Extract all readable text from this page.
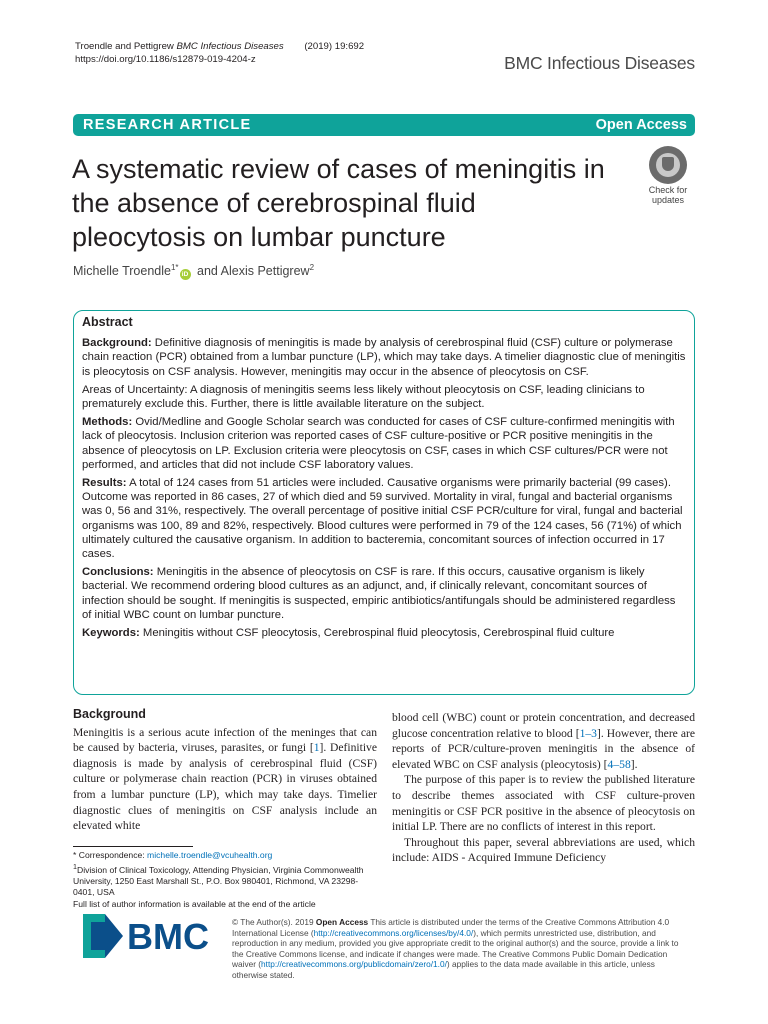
Troendle and Pettigrew BMC Infectious Diseases (2019) 19:692
https://doi.org/10.1186/s12879-019-4204-z	BMC Infectious Diseases
RESEARCH ARTICLE	Open Access
A systematic review of cases of meningitis in the absence of cerebrospinal fluid pleocytosis on lumbar puncture
Check for
updates
Michelle Troendle$^{1*}$iD and Alexis Pettigrew$^2$
Abstract

Background: Definitive diagnosis of meningitis is made by analysis of cerebrospinal fluid (CSF) culture or polymerase chain reaction (PCR) obtained from a lumbar puncture (LP), which may take days. A timelier diagnostic clue of meningitis is pleocytosis on CSF analysis. However, meningitis may occur in the absence of pleocytosis on CSF.

Areas of Uncertainty: A diagnosis of meningitis seems less likely without pleocytosis on CSF, leading clinicians to prematurely exclude this. Further, there is little available literature on the subject.

Methods: Ovid/Medline and Google Scholar search was conducted for cases of CSF culture-confirmed meningitis with lack of pleocytosis. Inclusion criterion was reported cases of CSF culture-positive or PCR positive meningitis in the absence of pleocytosis on LP. Exclusion criteria were pleocytosis on CSF, cases in which CSF cultures/PCR were not performed, and articles that did not include CSF laboratory values.

Results: A total of 124 cases from 51 articles were included. Causative organisms were primarily bacterial (99 cases). Outcome was reported in 86 cases, 27 of which died and 59 survived. Mortality in viral, fungal and bacterial organisms was 0, 56 and 31%, respectively. The overall percentage of positive initial CSF PCR/culture for viral, fungal and bacterial organisms was 100, 89 and 82%, respectively. Blood cultures were performed in 79 of the 124 cases, 56 (71%) of which ultimately cultured the causative organism. In addition to bacteremia, concomitant sources of infection occurred in 17 cases.

Conclusions: Meningitis in the absence of pleocytosis on CSF is rare. If this occurs, causative organism is likely bacterial. We recommend ordering blood cultures as an adjunct, and, if clinically relevant, concomitant sources of infection should be sought. If meningitis is suspected, empiric antibiotics/antifungals should be administered regardless of initial WBC count on lumbar puncture.

Keywords: Meningitis without CSF pleocytosis, Cerebrospinal fluid pleocytosis, Cerebrospinal fluid culture

Background

Meningitis is a serious acute infection of the meninges that can be caused by bacteria, viruses, parasites, or fungi [1]. Definitive diagnosis is made by analysis of cerebrospinal fluid (CSF) culture or polymerase chain reaction (PCR) in viruses obtained from a lumbar puncture (LP), which may take days. Timelier diagnostic clues of meningitis on CSF analysis include an elevated white

blood cell (WBC) count or protein concentration, and decreased glucose concentration relative to blood [1–3]. However, there are reports of PCR/culture-proven meningitis in the absence of elevated WBC on CSF analysis (pleocytosis) [4–58].

The purpose of this paper is to review the published literature to describe themes associated with CSF culture-proven meningitis or CSF PCR positive in the absence of pleocytosis on initial LP. There are no conflicts of interest in this report.

Throughout this paper, several abbreviations are used, which include: AIDS - Acquired Immune Deficiency

* Correspondence: michelle.troendle@vcuhealth.org
$^1$Division of Clinical Toxicology, Attending Physician, Virginia Commonwealth University, 1250 East Marshall St., P.O. Box 980401, Richmond, VA 23298-0401, USA
Full list of author information is available at the end of the article
BMC	© The Author(s). 2019 Open Access This article is distributed under the terms of the Creative Commons Attribution 4.0 International License (http://creativecommons.org/licenses/by/4.0/), which permits unrestricted use, distribution, and reproduction in any medium, provided you give appropriate credit to the original author(s) and the source, provide a link to the Creative Commons license, and indicate if changes were made. The Creative Commons Public Domain Dedication waiver (http://creativecommons.org/publicdomain/zero/1.0/) applies to the data made available in this article, unless otherwise stated.
